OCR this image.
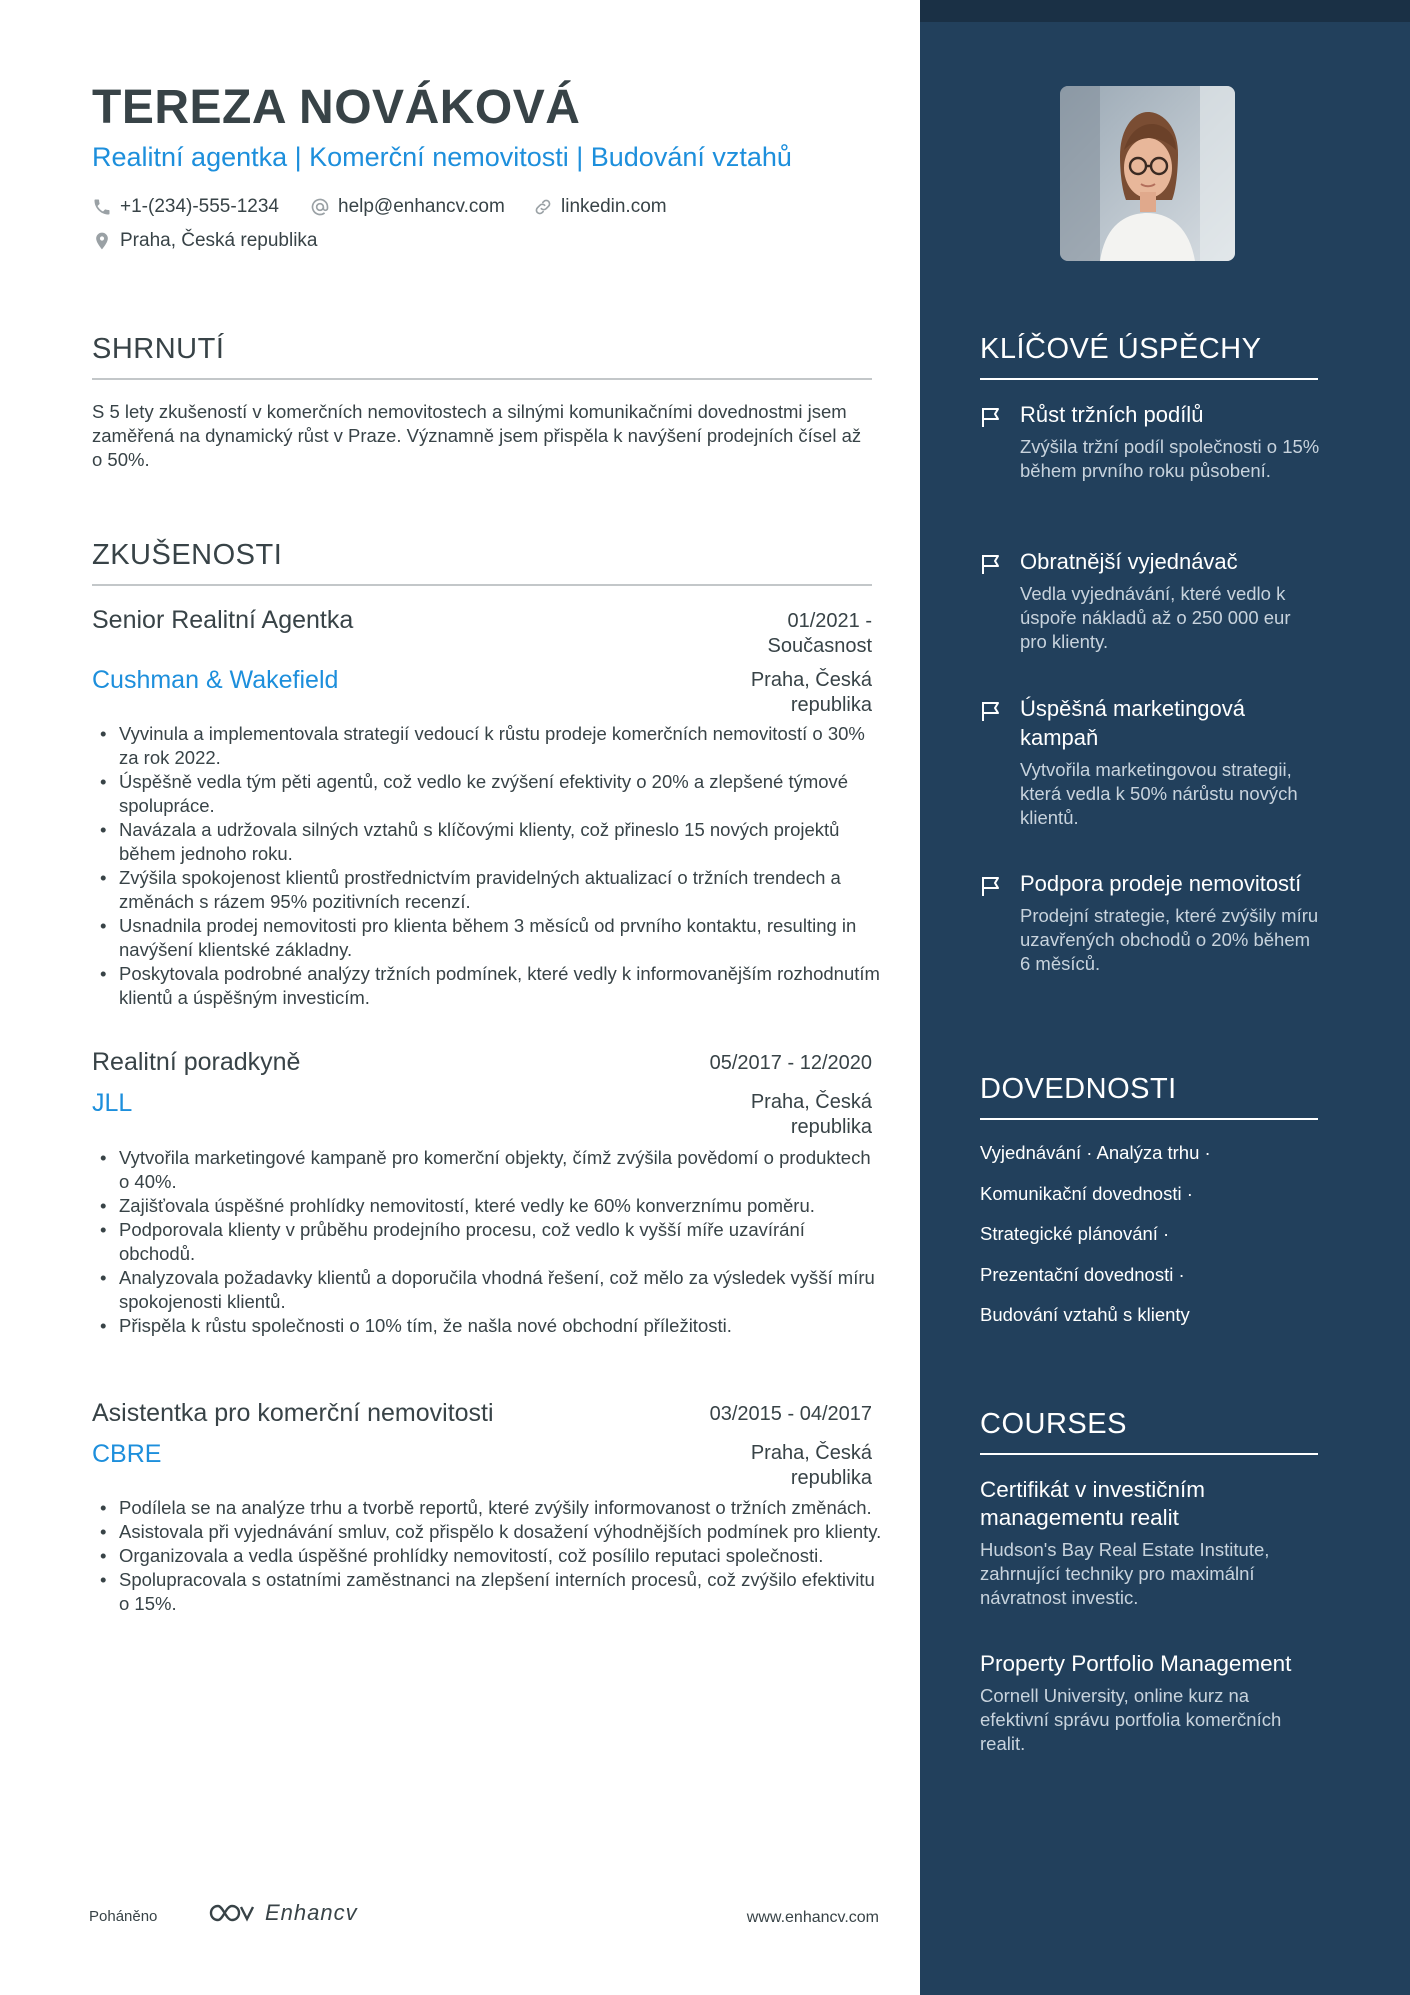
TEREZA NOVÁKOVÁ
Realitní agentka | Komerční nemovitosti | Budování vztahů
+1-(234)-555-1234	help@enhancv.com	linkedin.com
Praha, Česká republika
SHRNUTÍ
S 5 lety zkušeností v komerčních nemovitostech a silnými komunikačními dovednostmi jsem zaměřená na dynamický růst v Praze. Významně jsem přispěla k navýšení prodejních čísel až o 50%.
ZKUŠENOSTI
Senior Realitní Agentka	01/2021 -
Současnost
Cushman & Wakefield	Praha, Česká
republika
• Vyvinula a implementovala strategií vedoucí k růstu prodeje komerčních nemovitostí o 30% za rok 2022.
• Úspěšně vedla tým pěti agentů, což vedlo ke zvýšení efektivity o 20% a zlepšené týmové spolupráce.
• Navázala a udržovala silných vztahů s klíčovými klienty, což přineslo 15 nových projektů během jednoho roku.
• Zvýšila spokojenost klientů prostřednictvím pravidelných aktualizací o tržních trendech a změnách s rázem 95% pozitivních recenzí.
• Usnadnila prodej nemovitosti pro klienta během 3 měsíců od prvního kontaktu, resulting in navýšení klientské základny.
• Poskytovala podrobné analýzy tržních podmínek, které vedly k informovanějším rozhodnutím klientů a úspěšným investicím.
Realitní poradkyně	05/2017 - 12/2020
JLL	Praha, Česká
republika
• Vytvořila marketingové kampaně pro komerční objekty, čímž zvýšila povědomí o produktech o 40%.
• Zajišťovala úspěšné prohlídky nemovitostí, které vedly ke 60% konverznímu poměru.
• Podporovala klienty v průběhu prodejního procesu, což vedlo k vyšší míře uzavírání obchodů.
• Analyzovala požadavky klientů a doporučila vhodná řešení, což mělo za výsledek vyšší míru spokojenosti klientů.
• Přispěla k růstu společnosti o 10% tím, že našla nové obchodní příležitosti.
Asistentka pro komerční nemovitosti	03/2015 - 04/2017
CBRE	Praha, Česká
republika
• Podílela se na analýze trhu a tvorbě reportů, které zvýšily informovanost o tržních změnách.
• Asistovala při vyjednávání smluv, což přispělo k dosažení výhodnějších podmínek pro klienty.
• Organizovala a vedla úspěšné prohlídky nemovitostí, což posílilo reputaci společnosti.
• Spolupracovala s ostatními zaměstnanci na zlepšení interních procesů, což zvýšilo efektivitu o 15%.
Poháněno	Enhancv	www.enhancv.com
KLÍČOVÉ ÚSPĚCHY
Růst tržních podílů
Zvýšila tržní podíl společnosti o 15% během prvního roku působení.
Obratnější vyjednávač
Vedla vyjednávání, které vedlo k úspoře nákladů až o 250 000 eur pro klienty.
Úspěšná marketingová kampaň
Vytvořila marketingovou strategii, která vedla k 50% nárůstu nových klientů.
Podpora prodeje nemovitostí
Prodejní strategie, které zvýšily míru uzavřených obchodů o 20% během 6 měsíců.
DOVEDNOSTI
Vyjednávání · Analýza trhu ·
Komunikační dovednosti ·
Strategické plánování ·
Prezentační dovednosti ·
Budování vztahů s klienty
COURSES
Certifikát v investičním managementu realit
Hudson's Bay Real Estate Institute, zahrnující techniky pro maximální návratnost investic.
Property Portfolio Management
Cornell University, online kurz na efektivní správu portfolia komerčních realit.
